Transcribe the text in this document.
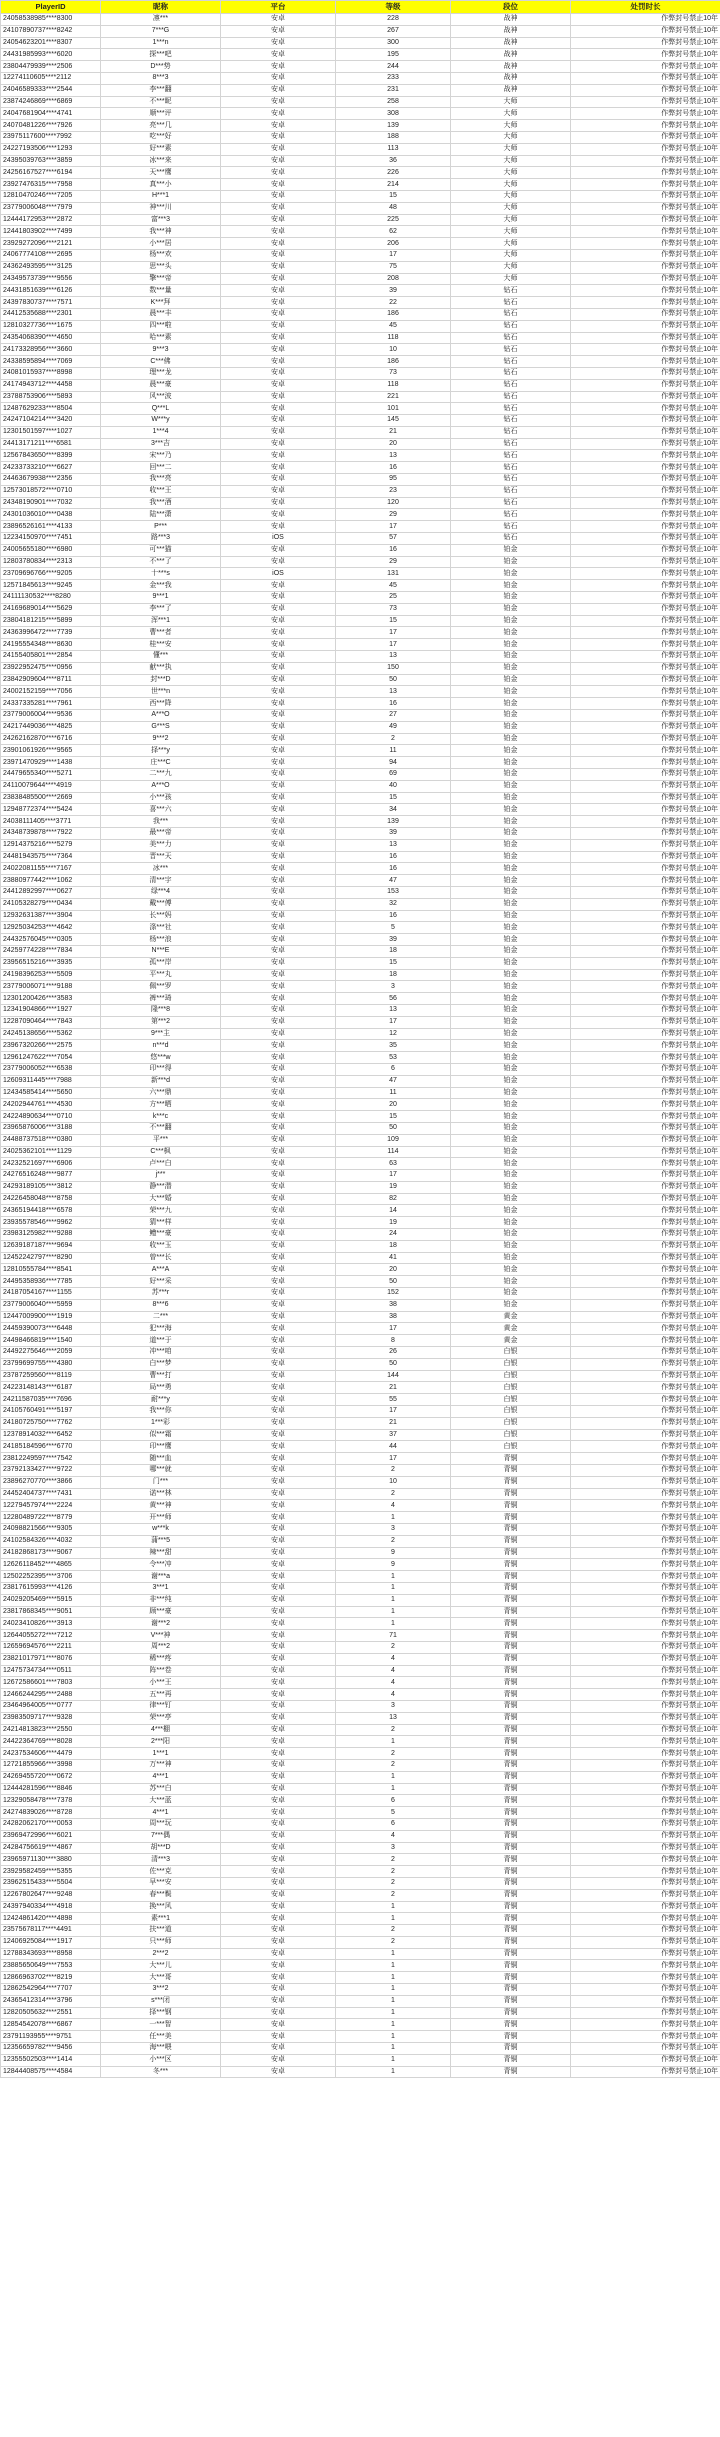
PlayerID	昵称	平台	等级	段位	处罚时长
24058538985****8300	凛***	安卓	228	战神	作弊封号禁止10年
24107890737****8242	7***G	安卓	267	战神	作弊封号禁止10年
24054623201****8307	1***n	安卓	300	战神	作弊封号禁止10年
24431985993****6020	探***吧	安卓	195	战神	作弊封号禁止10年
23804479939****2506	D***势	安卓	244	战神	作弊封号禁止10年
12274110605****2112	8***3	安卓	233	战神	作弊封号禁止10年
24046589333****2544	李***翻	安卓	231	战神	作弊封号禁止10年
23874246869****6869	不***昵	安卓	258	大师	作弊封号禁止10年
24047681904****4741	顺***评	安卓	308	大师	作弊封号禁止10年
24070481226****7926	亮***几	安卓	139	大师	作弊封号禁止10年
23975117600****7992	吃***好	安卓	188	大师	作弊封号禁止10年
24227193506****1293	好***素	安卓	113	大师	作弊封号禁止10年
24395039763****3859	冰***来	安卓	36	大师	作弊封号禁止10年
24256167527****6194	天***鹰	安卓	226	大师	作弊封号禁止10年
23927476315****7958	真***小	安卓	214	大师	作弊封号禁止10年
12810470246****7205	H***1	安卓	15	大师	作弊封号禁止10年
23779006048****7979	神***川	安卓	48	大师	作弊封号禁止10年
12444172953****2872	富***3	安卓	225	大师	作弊封号禁止10年
12441803902****7499	我***神	安卓	62	大师	作弊封号禁止10年
23929272096****2121	小***居	安卓	206	大师	作弊封号禁止10年
24067774108****2695	杨***欢	安卓	17	大师	作弊封号禁止10年
24362493595****3125	思***头	安卓	75	大师	作弊封号禁止10年
24349573739****9556	擎***帝	安卓	208	大师	作弊封号禁止10年
24431851639****6126	数***量	安卓	39	钻石	作弊封号禁止10年
24397830737****7571	K***拜	安卓	22	钻石	作弊封号禁止10年
24412535688****2301	晨***丰	安卓	186	钻石	作弊封号禁止10年
12810327736****1675	四***啦	安卓	45	钻石	作弊封号禁止10年
24354068390****4650	哈***素	安卓	118	钻石	作弊封号禁止10年
24173328956****3660	9***3	安卓	10	钻石	作弊封号禁止10年
24338595894****7069	C***佛	安卓	186	钻石	作弊封号禁止10年
24081015937****8998	理***龙	安卓	73	钻石	作弊封号禁止10年
24174943712****4458	晨***豪	安卓	118	钻石	作弊封号禁止10年
23788753906****5893	风***波	安卓	221	钻石	作弊封号禁止10年
12487629233****8504	Q***L	安卓	101	钻石	作弊封号禁止10年
24247104214****3420	W***y	安卓	145	钻石	作弊封号禁止10年
12301501597****1027	1***4	安卓	21	钻石	作弊封号禁止10年
24413171211****6581	3***吉	安卓	20	钻石	作弊封号禁止10年
12567843650****8399	宋***乃	安卓	13	钻石	作弊封号禁止10年
24233733210****6627	回***二	安卓	16	钻石	作弊封号禁止10年
24463679938****2356	我***亮	安卓	95	钻石	作弊封号禁止10年
12573018572****0710	收***王	安卓	23	钻石	作弊封号禁止10年
24348190901****7032	我***酒	安卓	120	钻石	作弊封号禁止10年
24301036010****0438	陆***潇	安卓	29	钻石	作弊封号禁止10年
23896526161****4133	P***	安卓	17	钻石	作弊封号禁止10年
12234150970****7451	路***3	iOS	57	钻石	作弊封号禁止10年
24005655180****6980	可***猫	安卓	16	铂金	作弊封号禁止10年
12803780834****2313	不***了	安卓	29	铂金	作弊封号禁止10年
23709696766****9205	十***s	iOS	131	铂金	作弊封号禁止10年
12571845613****9245	金***我	安卓	45	铂金	作弊封号禁止10年
24111130532****8280	9***1	安卓	25	铂金	作弊封号禁止10年
24169689014****5629	李***了	安卓	73	铂金	作弊封号禁止10年
23804181215****5899	浑***1	安卓	15	铂金	作弊封号禁止10年
24363996472****7739	曹***者	安卓	17	铂金	作弊封号禁止10年
24195554348****8630	桂***安	安卓	17	铂金	作弊封号禁止10年
24155405801****2854	懂***	安卓	13	铂金	作弊封号禁止10年
23922952475****0956	献***执	安卓	150	铂金	作弊封号禁止10年
23842909604****8711	封***D	安卓	50	铂金	作弊封号禁止10年
24002152159****7056	世***n	安卓	13	铂金	作弊封号禁止10年
24337335281****7961	西***降	安卓	16	铂金	作弊封号禁止10年
23779006004****9536	A***O	安卓	27	铂金	作弊封号禁止10年
24217449036****4825	G***S	安卓	49	铂金	作弊封号禁止10年
24262162870****6716	9***2	安卓	2	铂金	作弊封号禁止10年
23901061926****9565	择***y	安卓	11	铂金	作弊封号禁止10年
23971470929****1438	庄***C	安卓	94	铂金	作弊封号禁止10年
24479655340****5271	二***九	安卓	69	铂金	作弊封号禁止10年
24110079644****4919	A***O	安卓	40	铂金	作弊封号禁止10年
23838485500****2669	小***孩	安卓	15	铂金	作弊封号禁止10年
12948772374****5424	喜***六	安卓	34	铂金	作弊封号禁止10年
24038111405****3771	我***	安卓	139	铂金	作弊封号禁止10年
24348739878****7922	最***帝	安卓	39	铂金	作弊封号禁止10年
12914375216****5279	美***力	安卓	13	铂金	作弊封号禁止10年
24481943575****7364	晋***天	安卓	16	铂金	作弊封号禁止10年
24022081155****7167	冰***	安卓	16	铂金	作弊封号禁止10年
23880977442****1062	清***宇	安卓	47	铂金	作弊封号禁止10年
24412892997****0627	绿***4	安卓	153	铂金	作弊封号禁止10年
24105328279****0434	戴***傅	安卓	32	铂金	作弊封号禁止10年
12932631387****3904	长***妈	安卓	16	铂金	作弊封号禁止10年
12925034253****4642	涤***社	安卓	5	铂金	作弊封号禁止10年
24432576045****0305	杨***浪	安卓	39	铂金	作弊封号禁止10年
24259774228****7834	N***E	安卓	18	铂金	作弊封号禁止10年
23956515216****3935	孤***岸	安卓	15	铂金	作弊封号禁止10年
24198396253****5509	平***丸	安卓	18	铂金	作弊封号禁止10年
23779006071****9188	佩***罗	安卓	3	铂金	作弊封号禁止10年
12301200426****3583	裤***琦	安卓	56	铂金	作弊封号禁止10年
12341904866****1927	隆***8	安卓	13	铂金	作弊封号禁止10年
12287090464****7843	第***2	安卓	17	铂金	作弊封号禁止10年
24245138656****5362	9***主	安卓	12	铂金	作弊封号禁止10年
23967320266****2575	n***d	安卓	35	铂金	作弊封号禁止10年
12961247622****7054	悠***w	安卓	53	铂金	作弊封号禁止10年
23779006052****6538	印***得	安卓	6	铂金	作弊封号禁止10年
12609311445****7988	新***d	安卓	47	铂金	作弊封号禁止10年
12434585414****5650	六***鼎	安卓	11	铂金	作弊封号禁止10年
24202944761****4530	方***晒	安卓	20	铂金	作弊封号禁止10年
24224890634****0710	k***c	安卓	15	铂金	作弊封号禁止10年
23965876006****3188	不***翻	安卓	50	铂金	作弊封号禁止10年
24488737518****0380	平***	安卓	109	铂金	作弊封号禁止10年
24025362101****1129	C***枫	安卓	114	铂金	作弊封号禁止10年
24232521697****6906	卢***白	安卓	63	铂金	作弊封号禁止10年
24276516248****9877	j***	安卓	17	铂金	作弊封号禁止10年
24293189105****3812	静***潜	安卓	19	铂金	作弊封号禁止10年
24226458048****8758	大***婚	安卓	82	铂金	作弊封号禁止10年
24365194418****6578	荣***九	安卓	14	铂金	作弊封号禁止10年
23935578546****9962	猜***样	安卓	19	铂金	作弊封号禁止10年
23983125982****9288	鳢***豪	安卓	24	铂金	作弊封号禁止10年
12639187187****9694	收***玉	安卓	18	铂金	作弊封号禁止10年
12452242797****8290	曾***长	安卓	41	铂金	作弊封号禁止10年
12810555784****8541	A***A	安卓	20	铂金	作弊封号禁止10年
24495358936****7785	好***采	安卓	50	铂金	作弊封号禁止10年
24187054167****1155	苏***r	安卓	152	铂金	作弊封号禁止10年
23779006040****5959	8***6	安卓	38	铂金	作弊封号禁止10年
12447009900****1919	二***	安卓	38	黄金	作弊封号禁止10年
24459390073****6448	犯***海	安卓	17	黄金	作弊封号禁止10年
24498466819****1540	道***于	安卓	8	黄金	作弊封号禁止10年
24492275646****2059	冲***咱	安卓	26	白银	作弊封号禁止10年
23799699755****4380	白***梦	安卓	50	白银	作弊封号禁止10年
23787259560****8119	曹***打	安卓	144	白银	作弊封号禁止10年
24223148143****6187	局***勇	安卓	21	白银	作弊封号禁止10年
24211587035****7696	耐***y	安卓	55	白银	作弊封号禁止10年
24105760491****5197	我***你	安卓	17	白银	作弊封号禁止10年
24180725750****7762	1***彩	安卓	21	白银	作弊封号禁止10年
12378914032****6452	似***霜	安卓	37	白银	作弊封号禁止10年
24185184596****6770	印***鹰	安卓	44	白银	作弊封号禁止10年
23812249597****7542	随***血	安卓	17	青铜	作弊封号禁止10年
23792133427****9722	哪***就	安卓	2	青铜	作弊封号禁止10年
23896270770****3866	门***	安卓	10	青铜	作弊封号禁止10年
24452404737****7431	诺***林	安卓	2	青铜	作弊封号禁止10年
12279457974****2224	黄***神	安卓	4	青铜	作弊封号禁止10年
12280489722****8779	开***师	安卓	1	青铜	作弊封号禁止10年
24098821566****9305	w***k	安卓	3	青铜	作弊封号禁止10年
24102584326****4032	蒲***5	安卓	2	青铜	作弊封号禁止10年
24182868173****9067	辣***甜	安卓	9	青铜	作弊封号禁止10年
12626118452****4865	令***冲	安卓	9	青铜	作弊封号禁止10年
12502252395****3706	谢***a	安卓	1	青铜	作弊封号禁止10年
23817615993****4126	3***1	安卓	1	青铜	作弊封号禁止10年
24029205469****5915	非***纯	安卓	1	青铜	作弊封号禁止10年
23817868345****9051	顾***豪	安卓	1	青铜	作弊封号禁止10年
24023410826****3913	谢***2	安卓	1	青铜	作弊封号禁止10年
12644055272****7212	V***神	安卓	71	青铜	作弊封号禁止10年
12659694576****2211	周***2	安卓	2	青铜	作弊封号禁止10年
23821017971****8076	稀***疼	安卓	4	青铜	作弊封号禁止10年
12475734734****0511	阵***卷	安卓	4	青铜	作弊封号禁止10年
12672586601****7803	小***王	安卓	4	青铜	作弊封号禁止10年
12466244295****2488	五***再	安卓	4	青铜	作弊封号禁止10年
23464964005****0777	律***钉	安卓	3	青铜	作弊封号禁止10年
23983509717****9328	荣***亭	安卓	13	青铜	作弊封号禁止10年
24214813823****2550	4***棚	安卓	2	青铜	作弊封号禁止10年
24422364769****8028	2***阳	安卓	1	青铜	作弊封号禁止10年
24237534606****4479	1***1	安卓	2	青铜	作弊封号禁止10年
12721855966****3998	万***神	安卓	2	青铜	作弊封号禁止10年
24269455720****0672	4***1	安卓	1	青铜	作弊封号禁止10年
12444281596****8846	苏***白	安卓	1	青铜	作弊封号禁止10年
12329058478****7378	大***蓝	安卓	6	青铜	作弊封号禁止10年
24274839026****8728	4***1	安卓	5	青铜	作弊封号禁止10年
24282062170****0053	周***玩	安卓	6	青铜	作弊封号禁止10年
23969472996****6021	7***偶	安卓	4	青铜	作弊封号禁止10年
24284756619****4867	胡***D	安卓	3	青铜	作弊封号禁止10年
23965971130****3880	清***3	安卓	2	青铜	作弊封号禁止10年
23929582459****5355	佐***克	安卓	2	青铜	作弊封号禁止10年
23962515433****5504	早***安	安卓	2	青铜	作弊封号禁止10年
12267802647****9248	春***鬓	安卓	2	青铜	作弊封号禁止10年
24397940334****4918	换***风	安卓	1	青铜	作弊封号禁止10年
12424861420****4898	素***1	安卓	1	青铜	作弊封号禁止10年
23575678117****4491	扶***道	安卓	2	青铜	作弊封号禁止10年
12406925084****1917	只***师	安卓	2	青铜	作弊封号禁止10年
12788343693****8958	2***2	安卓	1	青铜	作弊封号禁止10年
23885650649****7553	大***儿	安卓	1	青铜	作弊封号禁止10年
12866963702****8219	大***哥	安卓	1	青铜	作弊封号禁止10年
12862542964****7707	3***2	安卓	1	青铜	作弊封号禁止10年
24365412314****3796	s***闭	安卓	1	青铜	作弊封号禁止10年
12820505632****2551	择***钢	安卓	1	青铜	作弊封号禁止10年
12854542078****6867	一***智	安卓	1	青铜	作弊封号禁止10年
23791193955****9751	任***美	安卓	1	青铜	作弊封号禁止10年
12356659782****9456	海***喂	安卓	1	青铜	作弊封号禁止10年
12355502503****1414	小***区	安卓	1	青铜	作弊封号禁止10年
12844408575****4584	冬***	安卓	1	青铜	作弊封号禁止10年
